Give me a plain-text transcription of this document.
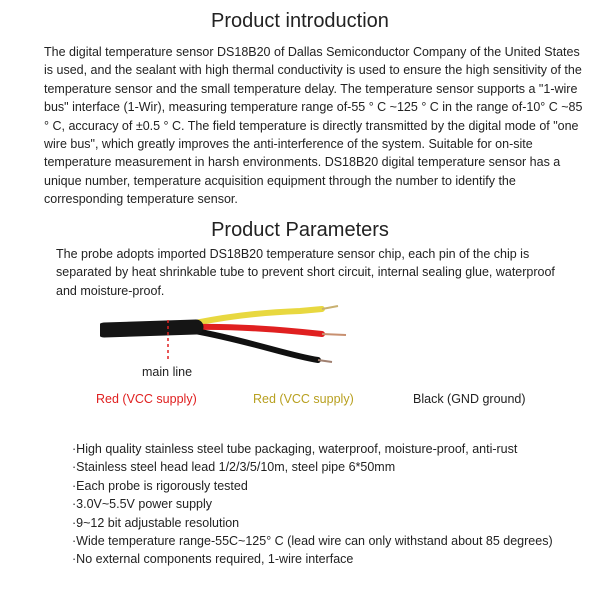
Product introduction

The digital temperature sensor DS18B20 of Dallas Semiconductor Company of the United States is used, and the sealant with high thermal conductivity is used to ensure the high sensitivity of the temperature sensor and the small temperature delay. The temperature sensor supports a "1-wire bus" interface (1-Wir), measuring temperature range of-55 ° C ~125 ° C in the range of-10° C ~85 ° C, accuracy of ±0.5 ° C. The field temperature is directly transmitted by the digital mode of "one wire bus", which greatly improves the anti-interference of the system. Suitable for on-site temperature measurement in harsh environments. DS18B20 digital temperature sensor has a unique number, temperature acquisition equipment through the number to identify the corresponding temperature sensor.

Product Parameters

The probe adopts imported DS18B20 temperature sensor chip, each pin of the chip is separated by heat shrinkable tube to prevent short circuit, internal sealing glue, waterproof and moisture-proof.

main line
Red (VCC supply)	Red (VCC supply)	Black (GND ground)
·High quality stainless steel tube packaging, waterproof, moisture-proof, anti-rust
·Stainless steel head lead 1/2/3/5/10m, steel pipe 6*50mm
·Each probe is rigorously tested
·3.0V~5.5V power supply
·9~12 bit adjustable resolution
·Wide temperature range-55C~125° C (lead wire can only withstand about 85 degrees)
·No external components required, 1-wire interface
